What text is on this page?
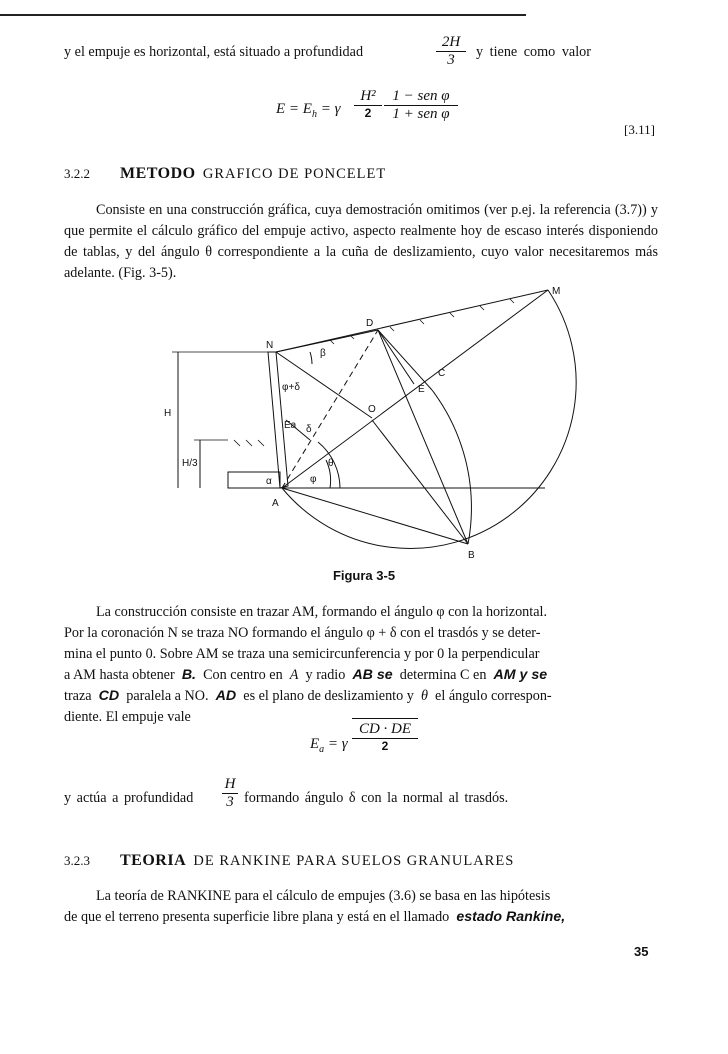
y el empuje es horizontal, está situado a profundidad	$\frac{2H}{3}$ y tiene como valor
$E = E_h = \gamma$
H²
2
1 − sen φ
1 + sen φ
[3.11]
3.2.2 METODO GRAFICO DE PONCELET
Consiste en una construcción gráfica, cuya demostración omitimos (ver p.ej. la referencia (3.7)) y que permite el cálculo gráfico del empuje activo, aspecto realmente hoy de escaso interés disponiendo de tablas, y del ángulo θ correspondiente a la cuña de deslizamiento, cuyo valor necesitaremos más adelante. (Fig. 3-5).
M
D
N
C
E
O
A
B
H
H/3
β
φ+δ
Ea δ
θ
φ
α
Figura 3-5
La construcción consiste en trazar AM, formando el ángulo φ con la horizontal.
Por la coronación N se traza NO formando el ángulo φ + δ con el trasdós y se deter-
mina el punto 0. Sobre AM se traza una semicircunferencia y por 0 la perpendicular
a AM hasta obtener B. Con centro en A y radio AB se determina C en AM y se
traza CD paralela a NO. AD es el plano de deslizamiento y θ el ángulo correspon-
diente. El empuje vale
$E_a = \gamma$
CD · DE
2
y actúa a profundidad $\frac{H}{3}$ formando ángulo δ con la normal al trasdós.
3.2.3 TEORIA DE RANKINE PARA SUELOS GRANULARES
La teoría de RANKINE para el cálculo de empujes (3.6) se basa en las hipótesis
de que el terreno presenta superficie libre plana y está en el llamado estado Rankine,
35
